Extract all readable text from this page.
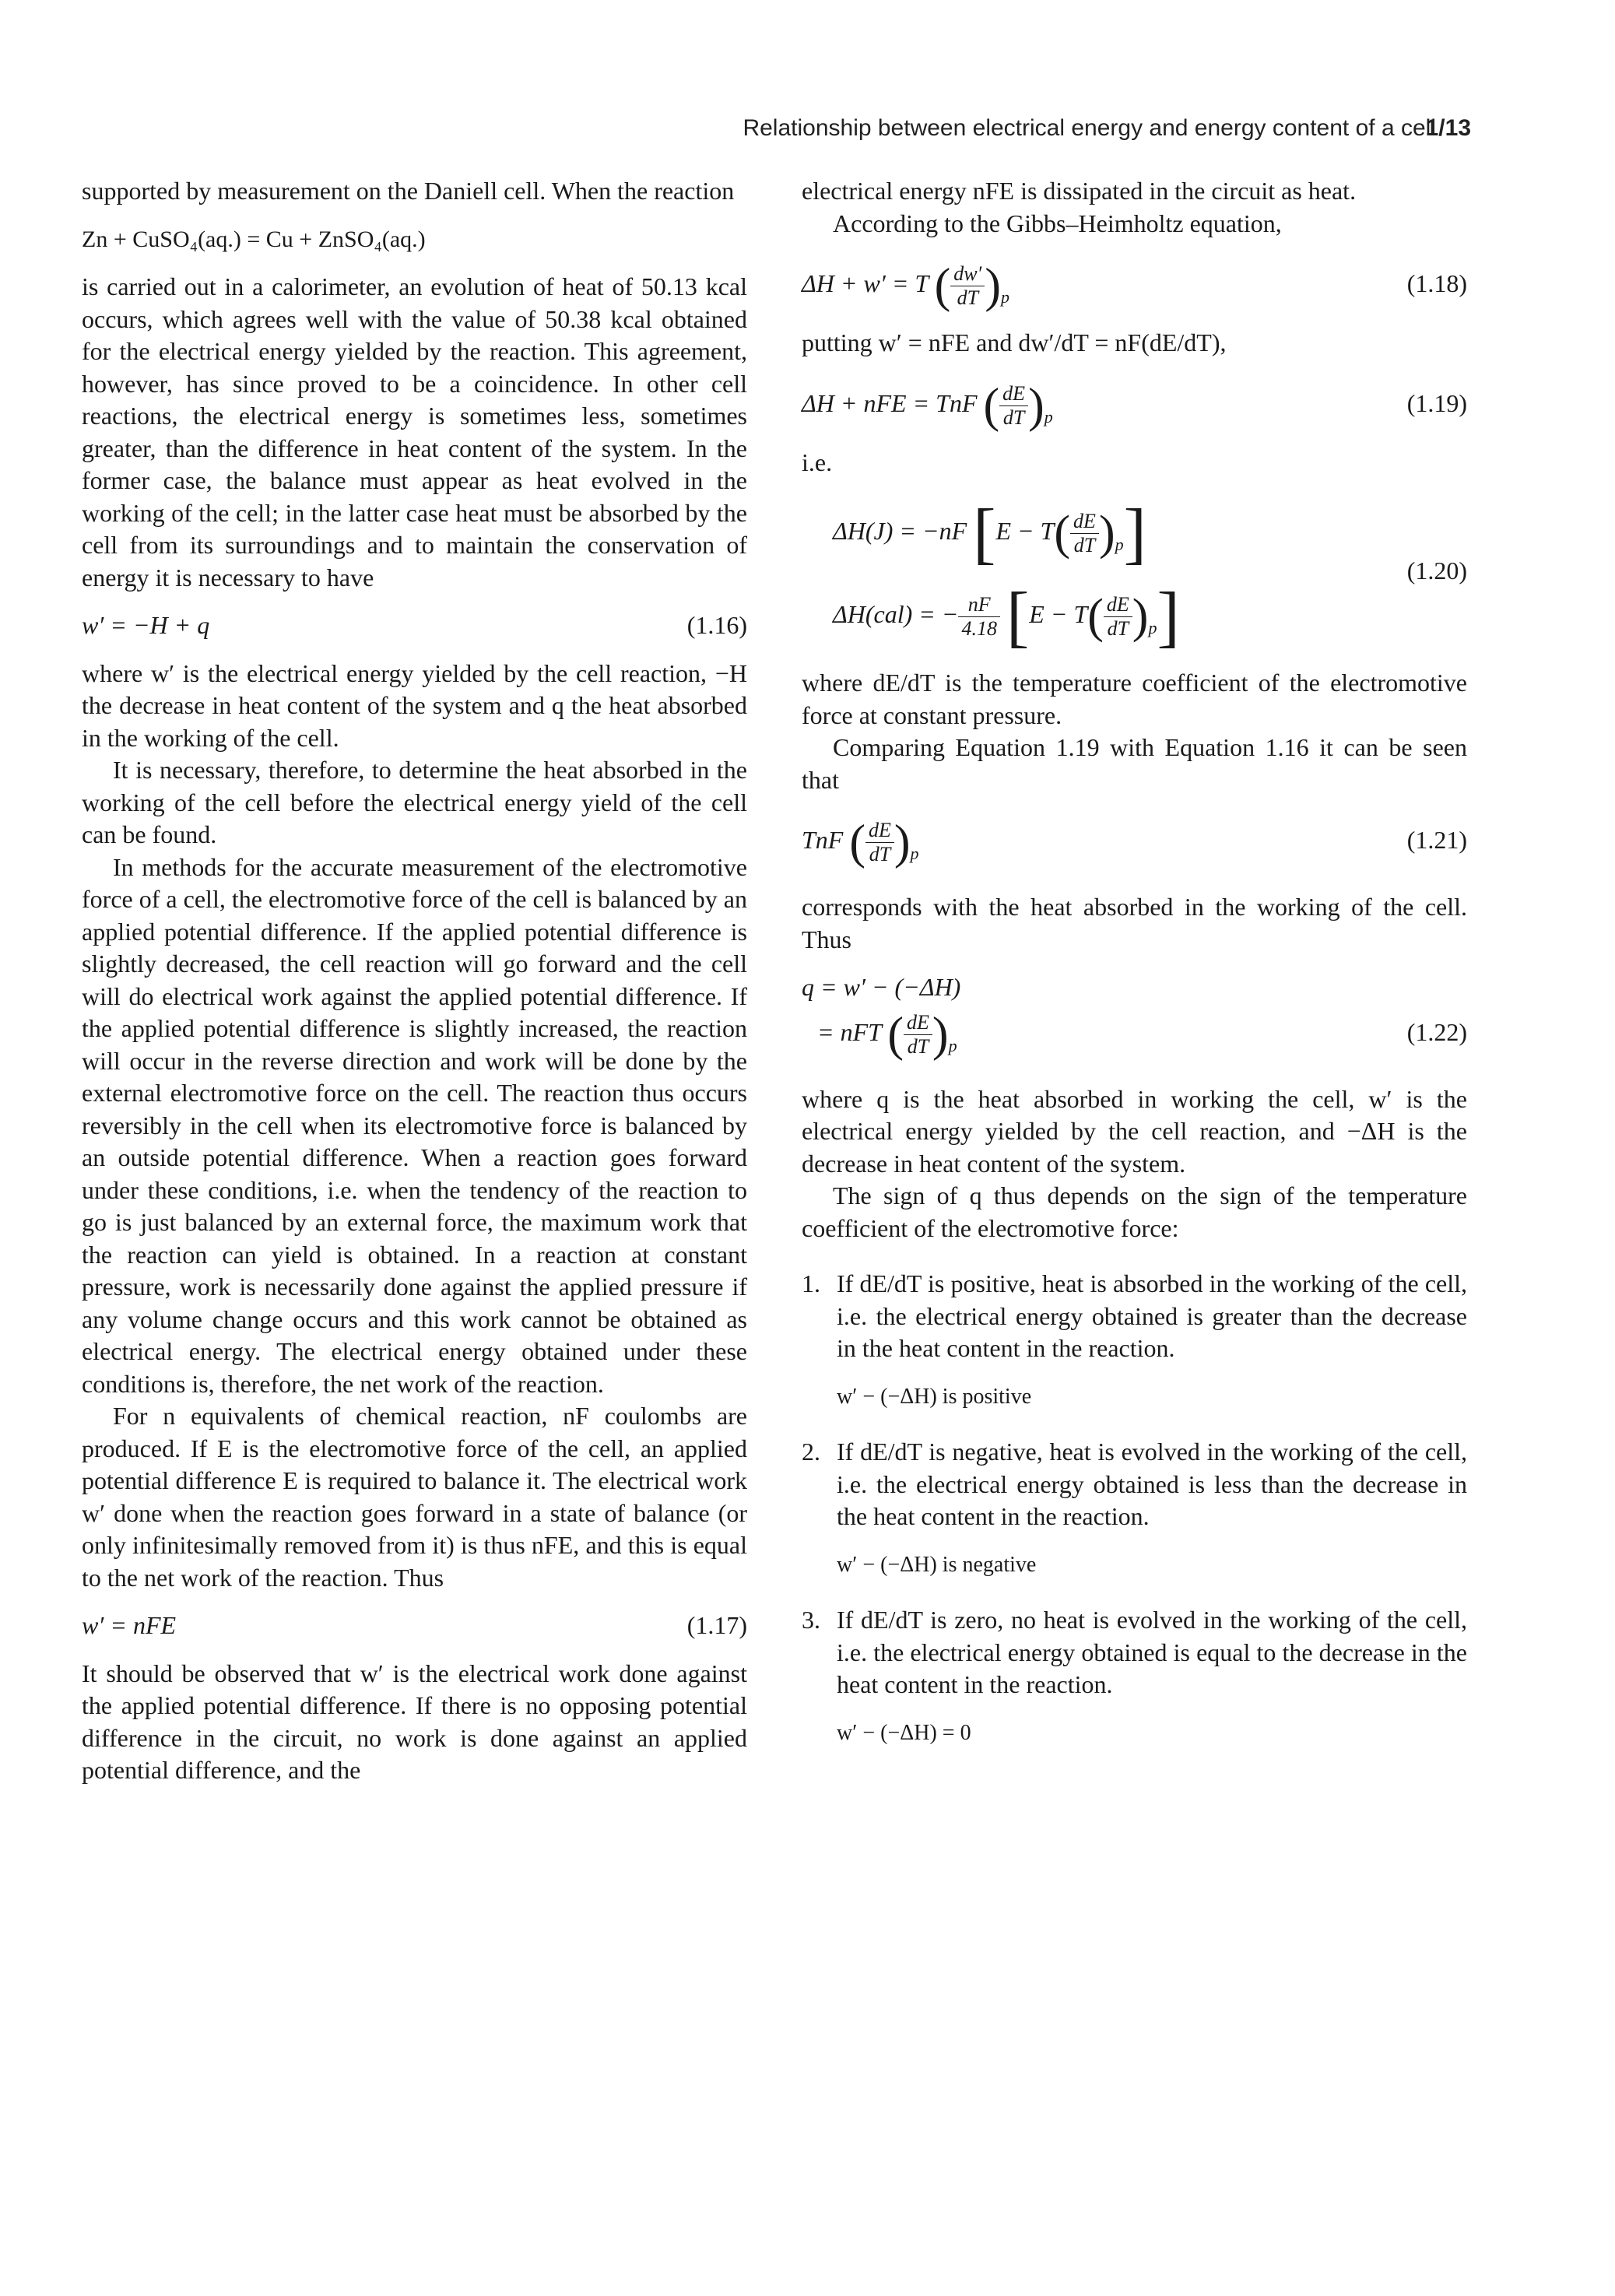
Relationship between electrical energy and energy content of a cell
1/13

supported by measurement on the Daniell cell. When the reaction

Zn + CuSO₄(aq.) = Cu + ZnSO₄(aq.)

is carried out in a calorimeter, an evolution of heat of 50.13 kcal occurs, which agrees well with the value of 50.38 kcal obtained for the electrical energy yielded by the reaction. This agreement, however, has since proved to be a coincidence. In other cell reactions, the electrical energy is sometimes less, sometimes greater, than the difference in heat content of the system. In the former case, the balance must appear as heat evolved in the working of the cell; in the latter case heat must be absorbed by the cell from its surroundings and to maintain the conservation of energy it is necessary to have

w′ = −H + q	(1.16)

where w′ is the electrical energy yielded by the cell reaction, −H the decrease in heat content of the system and q the heat absorbed in the working of the cell.

It is necessary, therefore, to determine the heat absorbed in the working of the cell before the electrical energy yield of the cell can be found.

In methods for the accurate measurement of the electromotive force of a cell, the electromotive force of the cell is balanced by an applied potential difference. If the applied potential difference is slightly decreased, the cell reaction will go forward and the cell will do electrical work against the applied potential difference. If the applied potential difference is slightly increased, the reaction will occur in the reverse direction and work will be done by the external electromotive force on the cell. The reaction thus occurs reversibly in the cell when its electromotive force is balanced by an outside potential difference. When a reaction goes forward under these conditions, i.e. when the tendency of the reaction to go is just balanced by an external force, the maximum work that the reaction can yield is obtained. In a reaction at constant pressure, work is necessarily done against the applied pressure if any volume change occurs and this work cannot be obtained as electrical energy. The electrical energy obtained under these conditions is, therefore, the net work of the reaction.

For n equivalents of chemical reaction, nF coulombs are produced. If E is the electromotive force of the cell, an applied potential difference E is required to balance it. The electrical work w′ done when the reaction goes forward in a state of balance (or only infinitesimally removed from it) is thus nFE, and this is equal to the net work of the reaction. Thus

w′ = nFE	(1.17)

It should be observed that w′ is the electrical work done against the applied potential difference. If there is no opposing potential difference in the circuit, no work is done against an applied potential difference, and the

electrical energy nFE is dissipated in the circuit as heat.

According to the Gibbs–Heimholtz equation,

ΔH + w′ = T ( $\frac{dw'}{dT} )_p$	(1.18)

putting w′ = nFE and dw′/dT = nF(dE/dT),

ΔH + nFE = TnF ( $\frac{dE}{dT} )_p$	(1.19)

i.e.

ΔH(J) = −nF $[E - T( \frac{dE}{dT} )_p]$
ΔH(cal) = − $\frac{nF}{4.18} [E - T( \frac{dE}{dT} )_p]$
(1.20)

where dE/dT is the temperature coefficient of the electromotive force at constant pressure.

Comparing Equation 1.19 with Equation 1.16 it can be seen that

TnF ( $\frac{dE}{dT} )_p$	(1.21)

corresponds with the heat absorbed in the working of the cell. Thus

q = w′ − (−ΔH)
= nFT ( $\frac{dE}{dT} )_p$	(1.22)

where q is the heat absorbed in working the cell, w′ is the electrical energy yielded by the cell reaction, and −ΔH is the decrease in heat content of the system.

The sign of q thus depends on the sign of the temperature coefficient of the electromotive force:

1. If dE/dT is positive, heat is absorbed in the working of the cell, i.e. the electrical energy obtained is greater than the decrease in the heat content in the reaction.
w′ − (−ΔH) is positive
2. If dE/dT is negative, heat is evolved in the working of the cell, i.e. the electrical energy obtained is less than the decrease in the heat content in the reaction.
w′ − (−ΔH) is negative
3. If dE/dT is zero, no heat is evolved in the working of the cell, i.e. the electrical energy obtained is equal to the decrease in the heat content in the reaction.
w′ − (−ΔH) = 0
